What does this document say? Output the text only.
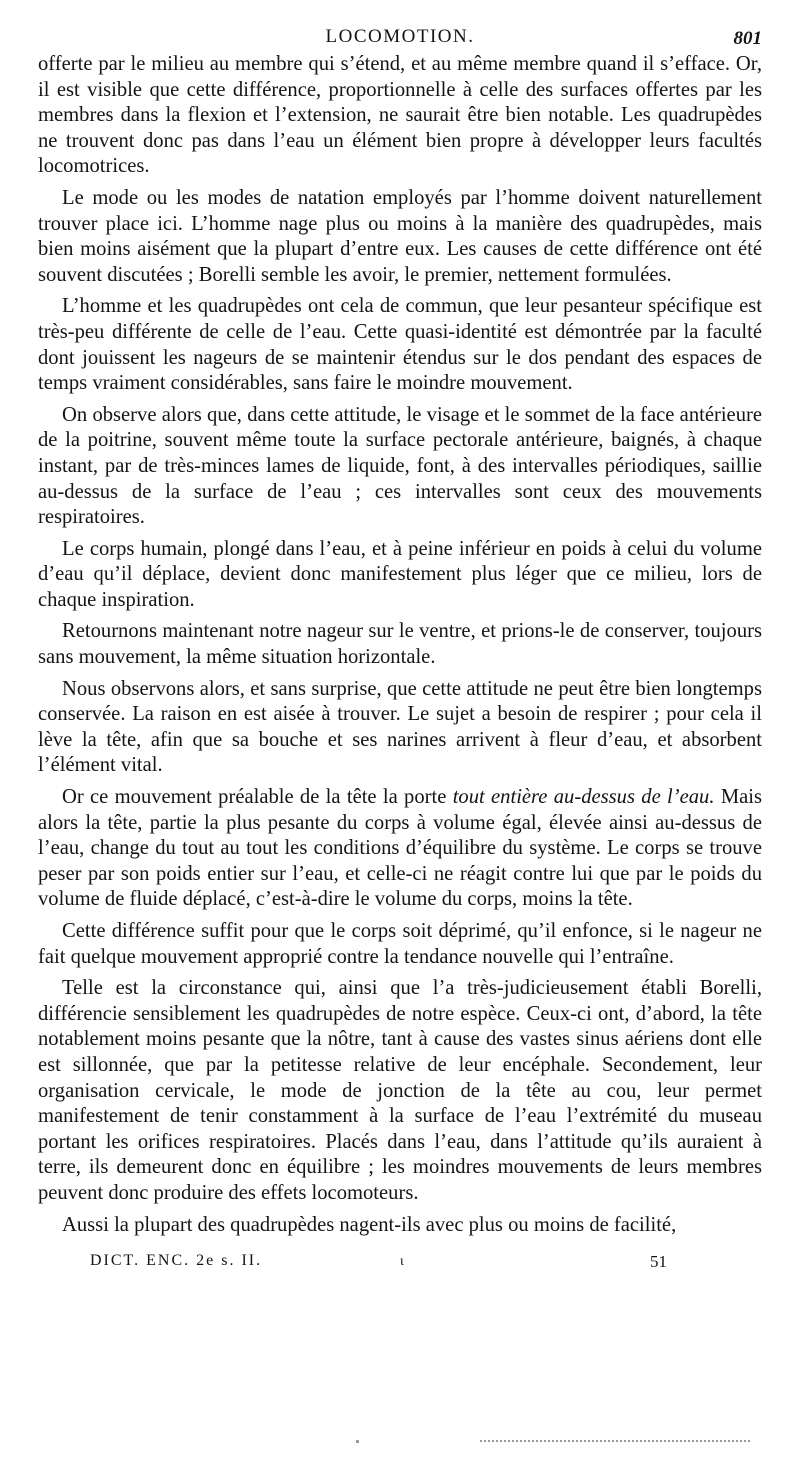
LOCOMOTION.	801

offerte par le milieu au membre qui s’étend, et au même membre quand il s’efface. Or, il est visible que cette différence, proportionnelle à celle des surfaces offertes par les membres dans la flexion et l’extension, ne saurait être bien notable. Les quadrupèdes ne trouvent donc pas dans l’eau un élément bien propre à développer leurs facultés locomotrices.

Le mode ou les modes de natation employés par l’homme doivent naturellement trouver place ici. L’homme nage plus ou moins à la manière des quadrupèdes, mais bien moins aisément que la plupart d’entre eux. Les causes de cette différence ont été souvent discutées ; Borelli semble les avoir, le premier, nettement formulées.

L’homme et les quadrupèdes ont cela de commun, que leur pesanteur spécifique est très-peu différente de celle de l’eau. Cette quasi-identité est démontrée par la faculté dont jouissent les nageurs de se maintenir étendus sur le dos pendant des espaces de temps vraiment considérables, sans faire le moindre mouvement.

On observe alors que, dans cette attitude, le visage et le sommet de la face antérieure de la poitrine, souvent même toute la surface pectorale antérieure, baignés, à chaque instant, par de très-minces lames de liquide, font, à des intervalles périodiques, saillie au-dessus de la surface de l’eau ; ces intervalles sont ceux des mouvements respiratoires.

Le corps humain, plongé dans l’eau, et à peine inférieur en poids à celui du volume d’eau qu’il déplace, devient donc manifestement plus léger que ce milieu, lors de chaque inspiration.

Retournons maintenant notre nageur sur le ventre, et prions-le de conserver, toujours sans mouvement, la même situation horizontale.

Nous observons alors, et sans surprise, que cette attitude ne peut être bien longtemps conservée. La raison en est aisée à trouver. Le sujet a besoin de respirer ; pour cela il lève la tête, afin que sa bouche et ses narines arrivent à fleur d’eau, et absorbent l’élément vital.

Or ce mouvement préalable de la tête la porte tout entière au-dessus de l’eau. Mais alors la tête, partie la plus pesante du corps à volume égal, élevée ainsi au-dessus de l’eau, change du tout au tout les conditions d’équilibre du système. Le corps se trouve peser par son poids entier sur l’eau, et celle-ci ne réagit contre lui que par le poids du volume de fluide déplacé, c’est-à-dire le volume du corps, moins la tête.

Cette différence suffit pour que le corps soit déprimé, qu’il enfonce, si le nageur ne fait quelque mouvement approprié contre la tendance nouvelle qui l’entraîne.

Telle est la circonstance qui, ainsi que l’a très-judicieusement établi Borelli, différencie sensiblement les quadrupèdes de notre espèce. Ceux-ci ont, d’abord, la tête notablement moins pesante que la nôtre, tant à cause des vastes sinus aériens dont elle est sillonnée, que par la petitesse relative de leur encéphale. Secondement, leur organisation cervicale, le mode de jonction de la tête au cou, leur permet manifestement de tenir constamment à la surface de l’eau l’extrémité du museau portant les orifices respiratoires. Placés dans l’eau, dans l’attitude qu’ils auraient à terre, ils demeurent donc en équilibre ; les moindres mouvements de leurs membres peuvent donc produire des effets locomoteurs.

Aussi la plupart des quadrupèdes nagent-ils avec plus ou moins de facilité,

DICT. ENC. 2e s. II.	ι	51
